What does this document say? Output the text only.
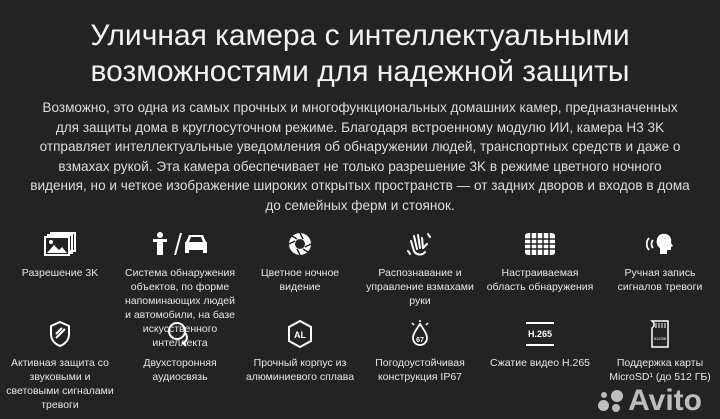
Уличная камера с интеллектуальными
возможностями для надежной защиты
Возможно, это одна из самых прочных и многофункциональных домашних камер, предназначенных для защиты дома в круглосуточном режиме. Благодаря встроенному модулю ИИ, камера H3 3K отправляет интеллектуальные уведомления об обнаружении людей, транспортных средств и даже о взмахах рукой. Эта камера обеспечивает не только разрешение 3K в режиме цветного ночного видения, но и четкое изображение широких открытых пространств — от задних дворов и входов в дома до семейных ферм и стоянок.
Разрешение 3K	Система обнаружения объектов, по форме напоминающих людей и автомобили, на базе искусственного интеллекта
Цветное ночное видение
Распознавание и управление взмахами руки
Настраиваемая область обнаружения
Ручная запись сигналов тревоги
Активная защита со звуковыми и световыми сигналами тревоги
Двухсторонняя аудиосвязь
AL
Прочный корпус из алюминиевого сплава
67
Погодоустойчивая конструкция IP67
H.265
Сжатие видео H.265
512GB
Поддержка карты MicroSD¹ (до 512 ГБ)
Avito
